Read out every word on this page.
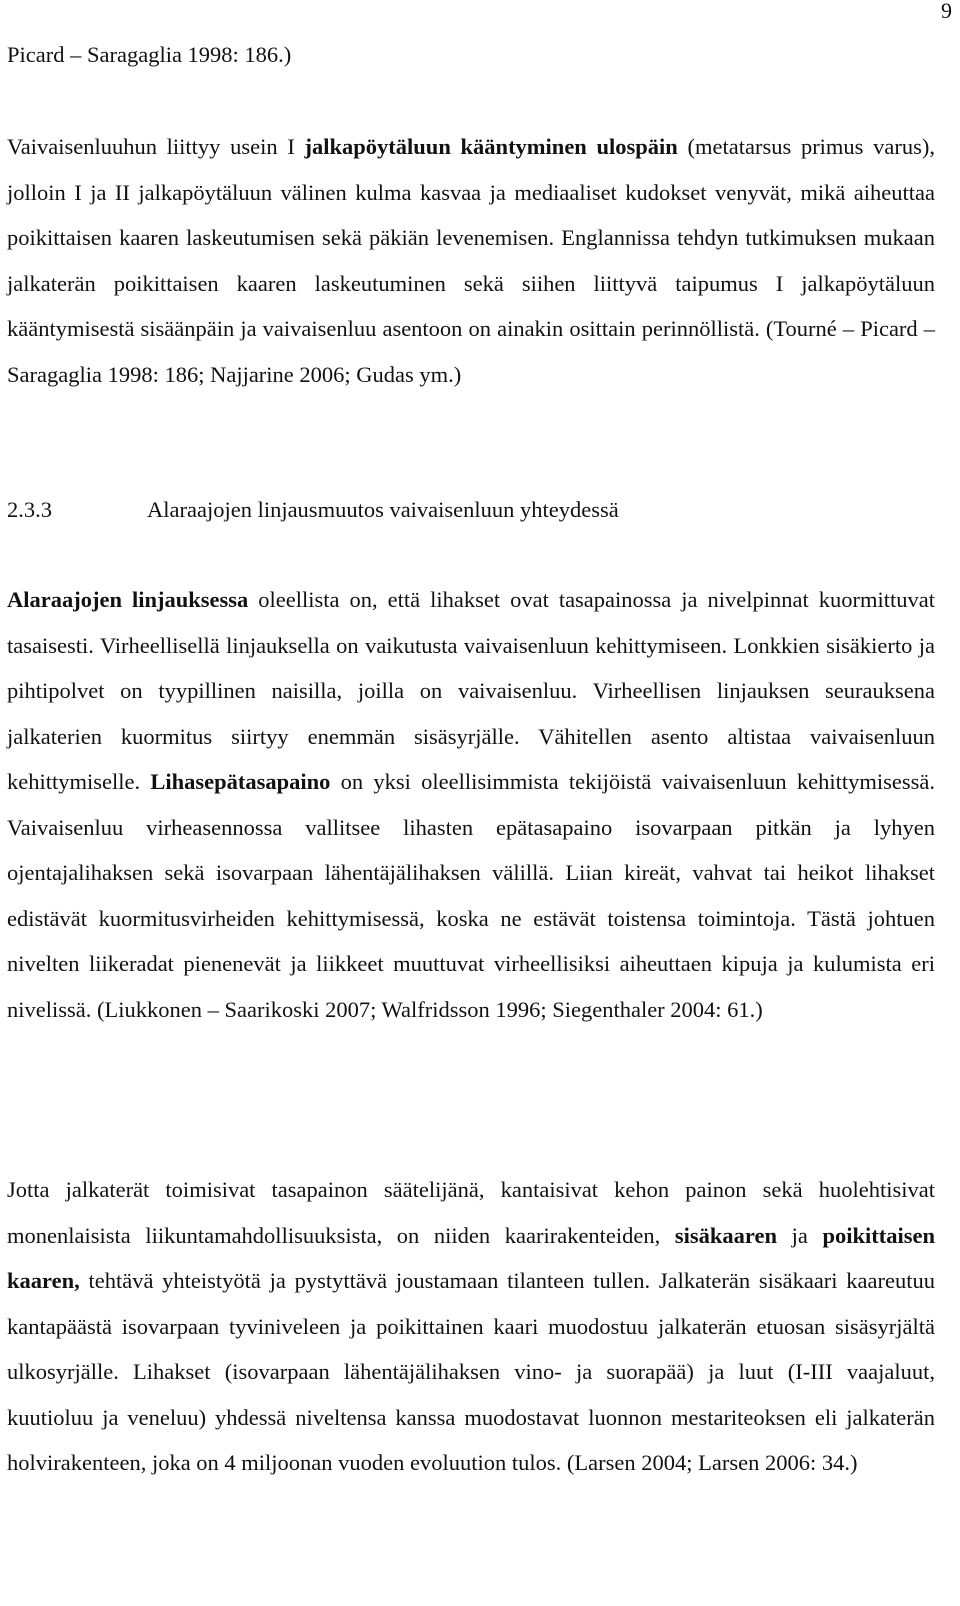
9
Picard – Saragaglia 1998: 186.)
Vaivaisenluuhun liittyy usein I jalkapöytäluun kääntyminen ulospäin (metatarsus primus varus), jolloin I ja II jalkapöytäluun välinen kulma kasvaa ja mediaaliset kudokset venyvät, mikä aiheuttaa poikittaisen kaaren laskeutumisen sekä päkiän levenemisen. Englannissa tehdyn tutkimuksen mukaan jalkaterän poikittaisen kaaren laskeutuminen sekä siihen liittyvä taipumus I jalkapöytäluun kääntymisestä sisäänpäin ja vaivaisenluu asentoon on ainakin osittain perinnöllistä. (Tourné – Picard – Saragaglia 1998: 186; Najjarine 2006; Gudas ym.)
2.3.3	Alaraajojen linjausmuutos vaivaisenluun yhteydessä
Alaraajojen linjauksessa oleellista on, että lihakset ovat tasapainossa ja nivelpinnat kuormittuvat tasaisesti. Virheellisellä linjauksella on vaikutusta vaivaisenluun kehittymiseen. Lonkkien sisäkierto ja pihtipolvet on tyypillinen naisilla, joilla on vaivaisenluu. Virheellisen linjauksen seurauksena jalkaterien kuormitus siirtyy enemmän sisäsyrjälle. Vähitellen asento altistaa vaivaisenluun kehittymiselle. Lihasepätasapaino on yksi oleellisimmista tekijöistä vaivaisenluun kehittymisessä. Vaivaisenluu virheasennossa vallitsee lihasten epätasapaino isovarpaan pitkän ja lyhyen ojentajalihaksen sekä isovarpaan lähentäjälihaksen välillä. Liian kireät, vahvat tai heikot lihakset edistävät kuormitusvirheiden kehittymisessä, koska ne estävät toistensa toimintoja. Tästä johtuen nivelten liikeradat pienenevät ja liikkeet muuttuvat virheellisiksi aiheuttaen kipuja ja kulumista eri nivelissä. (Liukkonen – Saarikoski 2007; Walfridsson 1996; Siegenthaler 2004: 61.)
Jotta jalkaterät toimisivat tasapainon säätelijänä, kantaisivat kehon painon sekä huolehtisivat monenlaisista liikuntamahdollisuuksista, on niiden kaarirakenteiden, sisäkaaren ja poikittaisen kaaren, tehtävä yhteistyötä ja pystyttävä joustamaan tilanteen tullen. Jalkaterän sisäkaari kaareutuu kantapäästä isovarpaan tyviniveleen ja poikittainen kaari muodostuu jalkaterän etuosan sisäsyrjältä ulkosyrjälle. Lihakset (isovarpaan lähentäjälihaksen vino- ja suorapää) ja luut (I-III vaajaluut, kuutioluu ja veneluu) yhdessä niveltensa kanssa muodostavat luonnon mestariteoksen eli jalkaterän holvirakenteen, joka on 4 miljoonan vuoden evoluution tulos. (Larsen 2004; Larsen 2006: 34.)
